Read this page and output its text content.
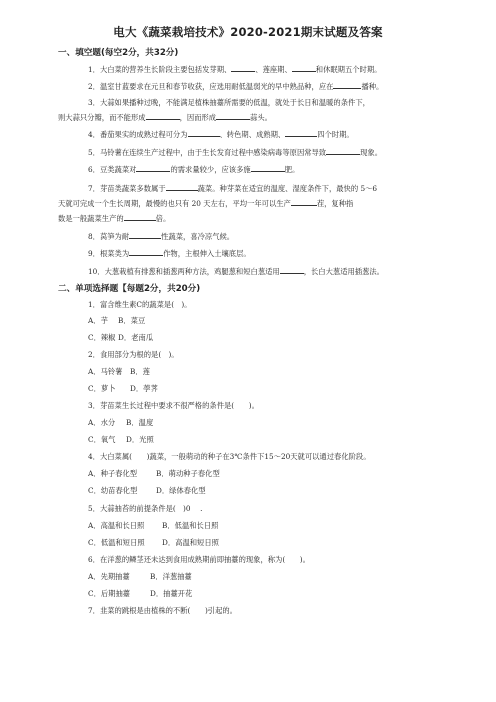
电大《蔬菜栽培技术》2020-2021期末试题及答案
一、填空题(每空2分，共32分)
1．大白菜的营养生长阶段主要包括发芽期、	、莲座期、	和休眠期五个时期。
2．温室甘蓝要求在元旦和春节收获，应选用耐低温弱光的早中熟品种，应在	播种。
3．大蒜如果播种过晚，不能满足植株抽薹所需要的低温，就处于长日和温暖的条件下，
则大蒜只分瓣，而不能形成	，因而形成	蒜头。
4．番茄果实的成熟过程可分为	、转色期、成熟期、	四个时期。
5．马铃薯在连续生产过程中，由于生长发育过程中感染病毒等原因常导致	现象。
6．豆类蔬菜对	的需求量较少，应该多施	肥。
7．芽苗类蔬菜多数属于	蔬菜。种芽菜在适宜的温度、湿度条件下，最快的 5～6
天就可完成一个生长周期，最慢的也只有 20 天左右，平均一年可以生产	茬，复种指
数是一般蔬菜生产的	倍。
8．莴笋为耐	性蔬菜，喜冷凉气候。
9．根菜类为	作物，主根伸入土壤底层。
10．大葱栽植有排葱和插葱两种方法，鸡腿葱和短白葱适用	，长白大葱适用插葱法。
二、单项选择题【每题2分，共20分)
1．富含维生素C的蔬菜是(　)。
A．芋 B．菜豆
C．辣椒 D．老南瓜
2．食用部分为根的是(　)。
A．马铃薯 B．莲
C．萝卜 D．荸荠
3．芽苗菜生长过程中要求不很严格的条件是(　　)。
A．水分 B．温度
C．氧气 D．光照
4．大白菜属(　　)蔬菜，一般萌动的种子在3℃条件下15～20天就可以通过春化阶段。
A．种子春化型	B．萌动种子春化型
C．幼苗春化型	D．绿体春化型
5．大蒜抽苔的前提条件是(　)0 　.
A．高温和长日照 B．低温和长日照
C．低温和短日照 D．高温和短日照
6．在洋葱的鳞茎还未达到食用成熟期前即抽薹的现象，称为(　　)。
A．先期抽薹	B．洋葱抽薹
C．后期抽薹	D．抽薹开花
7．韭菜的跳根是由植株的不断(　　)引起的。
